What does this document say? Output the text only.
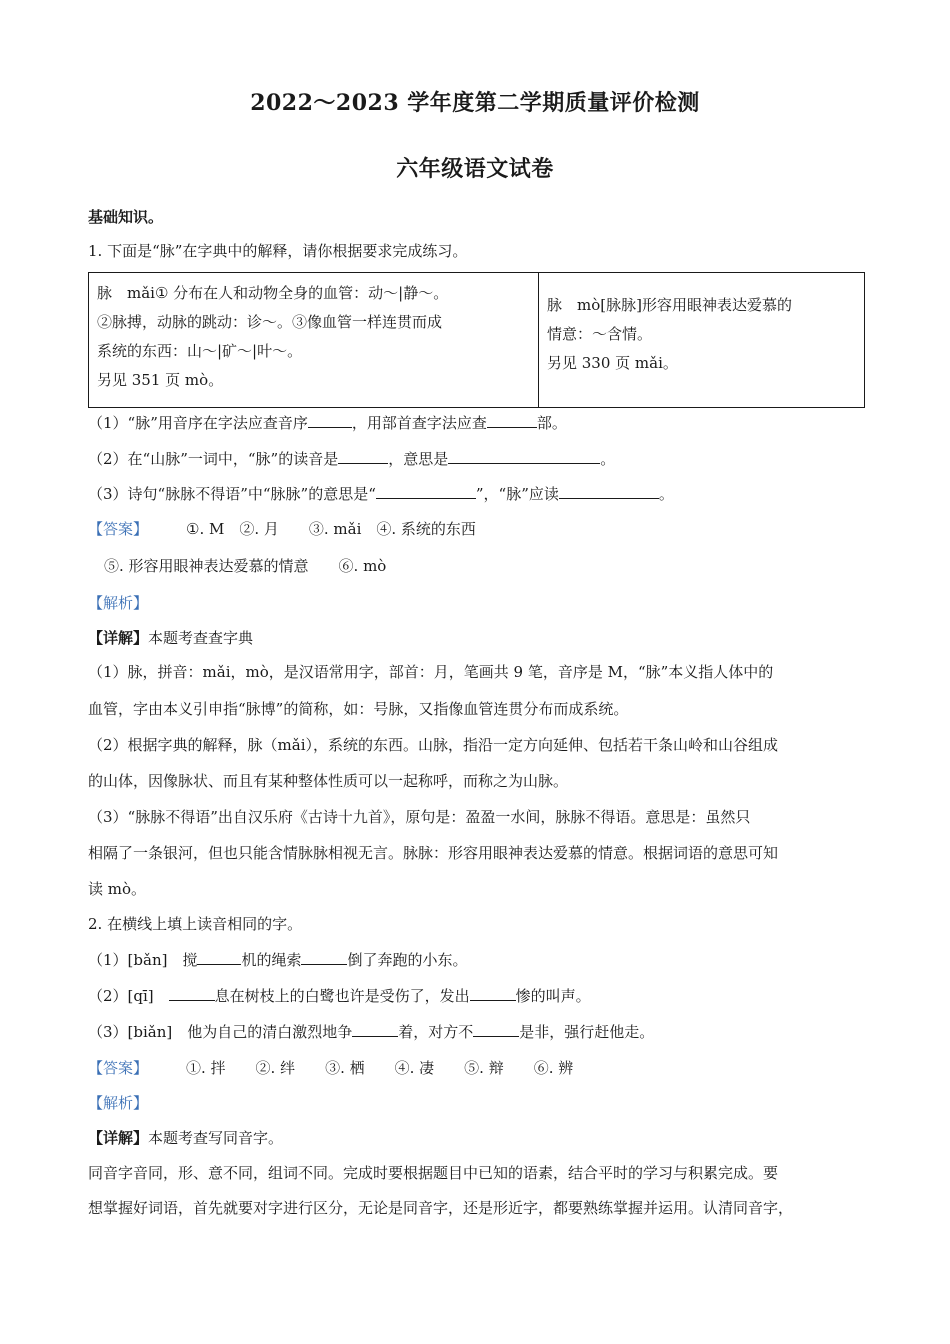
2022～2023 学年度第二学期质量评价检测
六年级语文试卷
基础知识。
1. 下面是“脉”在字典中的解释，请你根据要求完成练习。
脉　mǎi① 分布在人和动物全身的血管：动～|静～。
②脉搏，动脉的跳动：诊～。③像血管一样连贯而成
系统的东西：山～|矿～|叶～。
另见 351 页 mò。

脉　mò[脉脉]形容用眼神表达爱慕的
情意：～含情。
另见 330 页 mǎi。
（1）“脉”用音序在字法应查音序	，用部首查字法应查	部。
（2）在“山脉”一词中，“脉”的读音是	，意思是	。
（3）诗句“脉脉不得语”中“脉脉”的意思是“	”，“脉”应读	。
【答案】	①. M　②. 月　　③. mǎi　④. 系统的东西
⑤. 形容用眼神表达爱慕的情意　　⑥. mò
【解析】
【详解】本题考查查字典
（1）脉，拼音：mǎi，mò，是汉语常用字，部首：月，笔画共 9 笔，音序是 M，“脉”本义指人体中的
血管，字由本义引申指“脉博”的简称，如：号脉，又指像血管连贯分布而成系统。
（2）根据字典的解释，脉（mǎi），系统的东西。山脉，指沿一定方向延伸、包括若干条山岭和山谷组成
的山体，因像脉状、而且有某种整体性质可以一起称呼，而称之为山脉。
（3）“脉脉不得语”出自汉乐府《古诗十九首》，原句是：盈盈一水间，脉脉不得语。意思是：虽然只
相隔了一条银河，但也只能含情脉脉相视无言。脉脉：形容用眼神表达爱慕的情意。根据词语的意思可知
读 mò。
2. 在横线上填上读音相同的字。
（1）[bǎn]　搅	机的绳索	倒了奔跑的小东。
（2）[qī]　	息在树枝上的白鹭也许是受伤了，发出	惨的叫声。
（3）[biǎn]　他为自己的清白激烈地争	着，对方不	是非，强行赶他走。
【答案】	①. 拌　　②. 绊　　③. 栖　　④. 凄　　⑤. 辩　　⑥. 辨
【解析】
【详解】本题考查写同音字。
同音字音同，形、意不同，组词不同。完成时要根据题目中已知的语素，结合平时的学习与积累完成。要
想掌握好词语，首先就要对字进行区分，无论是同音字，还是形近字，都要熟练掌握并运用。认清同音字，
